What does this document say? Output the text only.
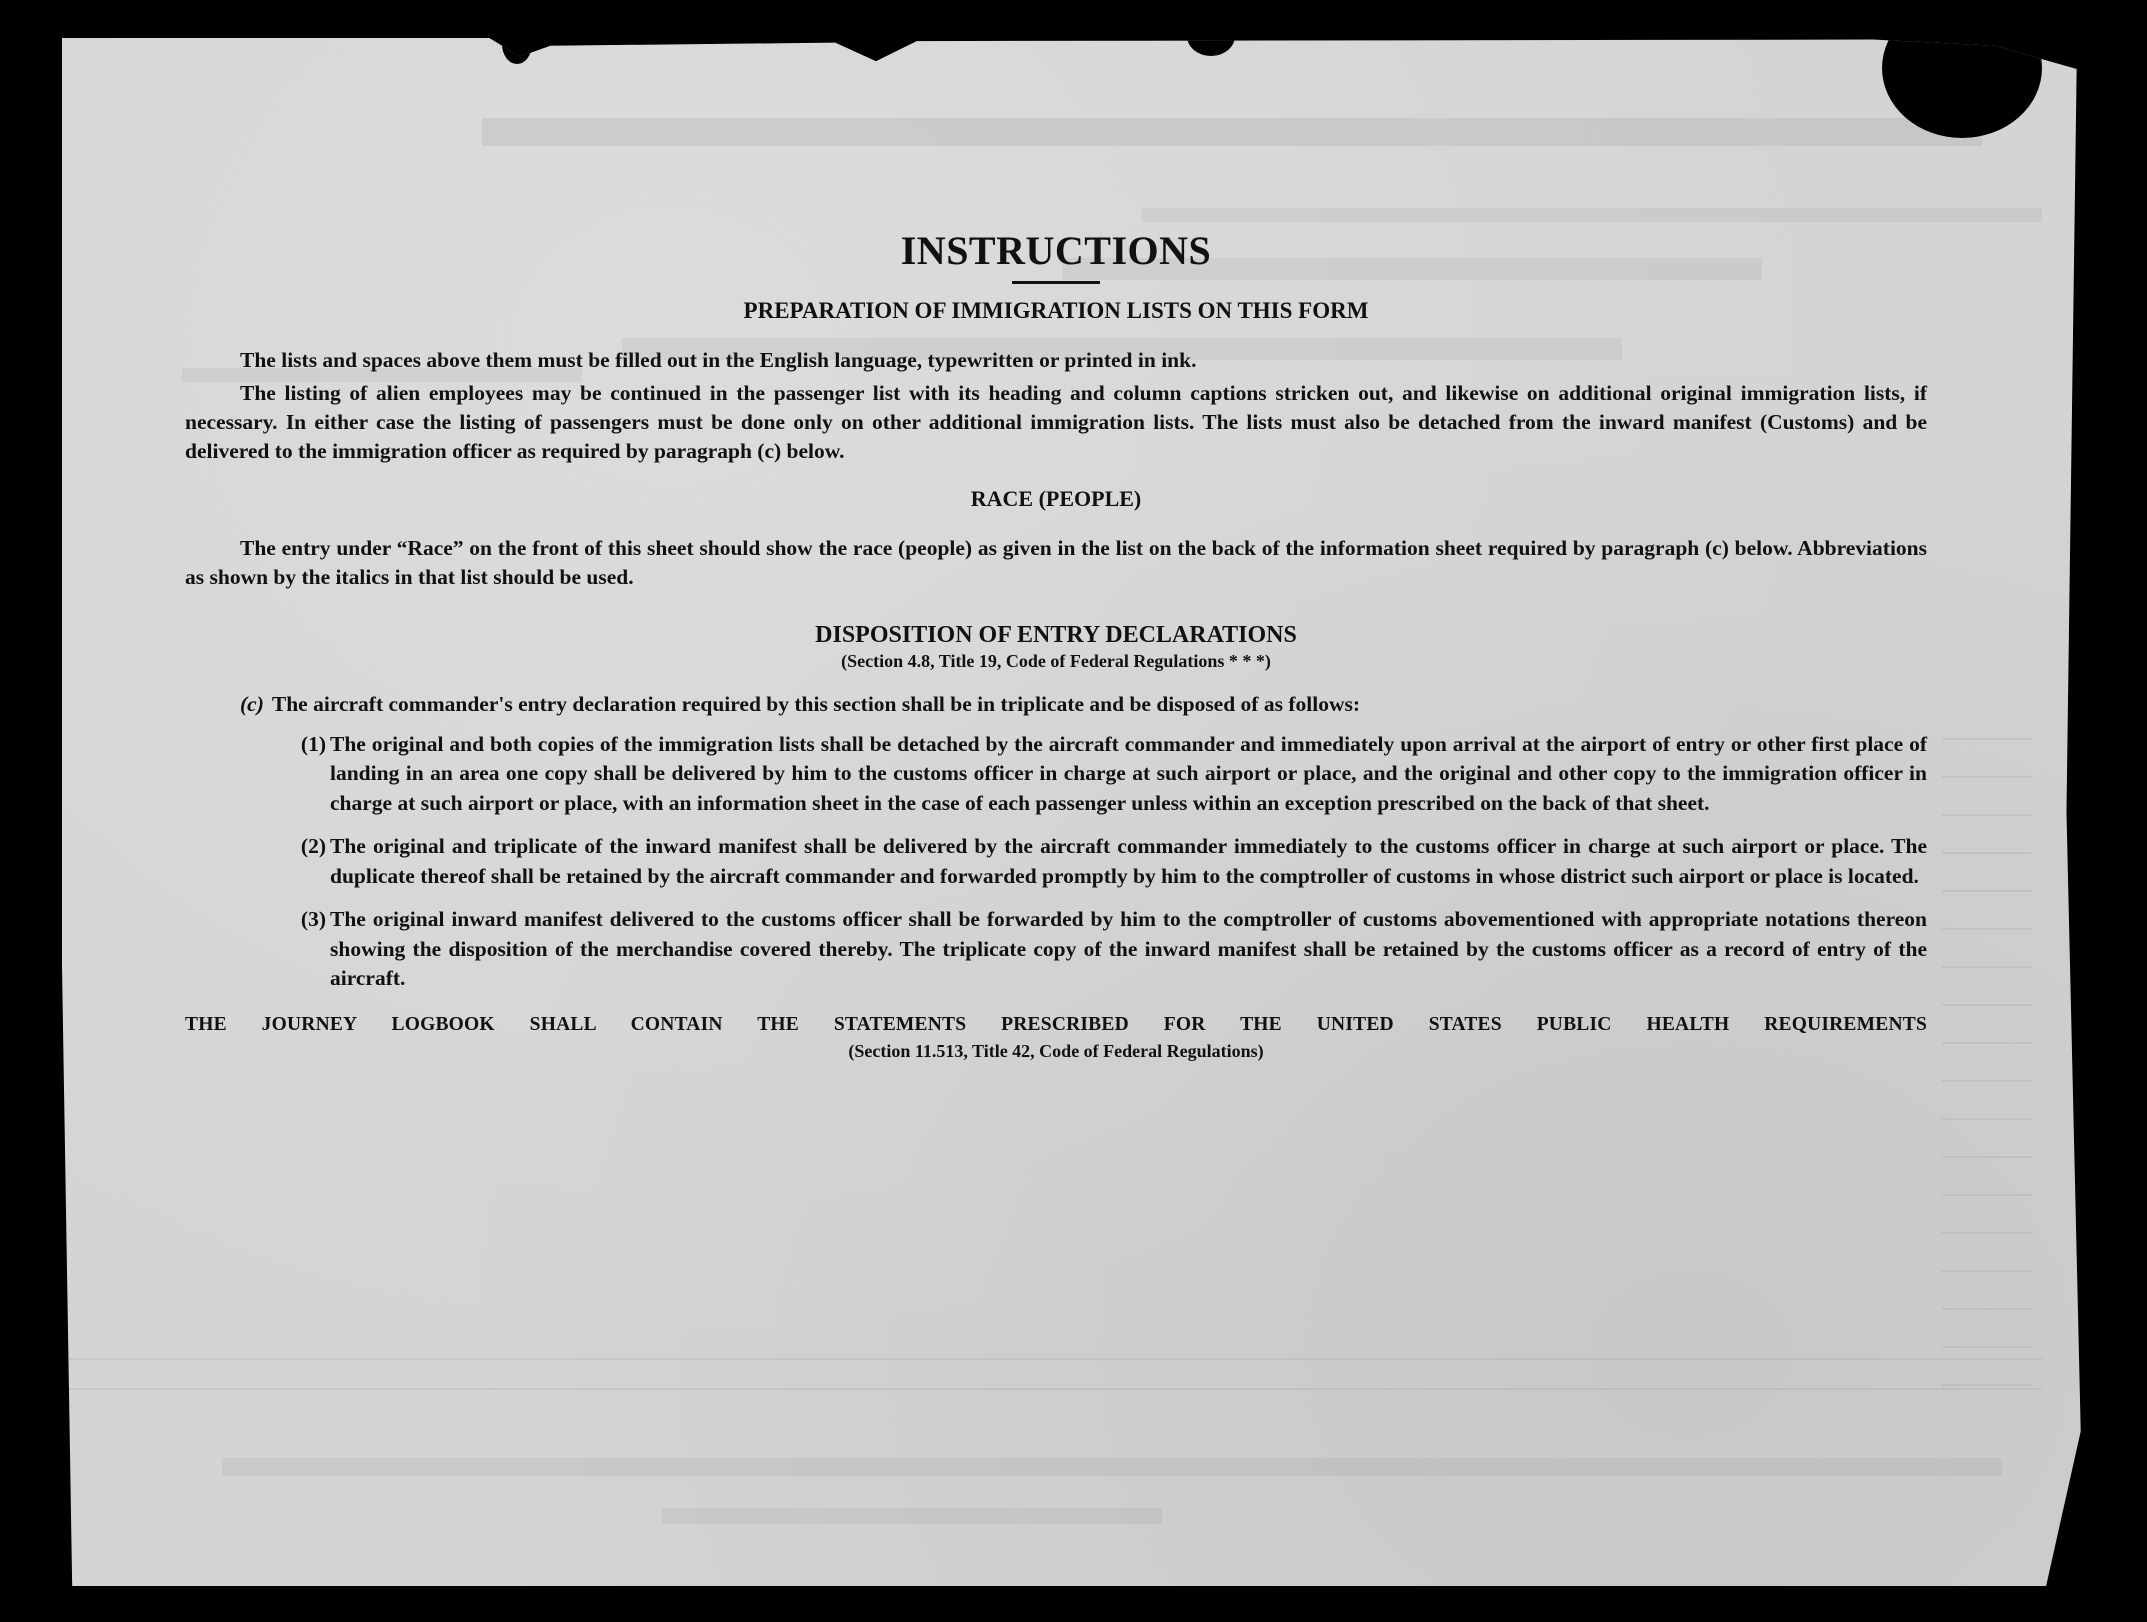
INSTRUCTIONS
PREPARATION OF IMMIGRATION LISTS ON THIS FORM

The lists and spaces above them must be filled out in the English language, typewritten or printed in ink.

The listing of alien employees may be continued in the passenger list with its heading and column captions stricken out, and likewise on additional original immigration lists, if necessary. In either case the listing of passengers must be done only on other additional immigration lists. The lists must also be detached from the inward manifest (Customs) and be delivered to the immigration officer as required by paragraph (c) below.

RACE (PEOPLE)

The entry under “Race” on the front of this sheet should show the race (people) as given in the list on the back of the information sheet required by paragraph (c) below. Abbreviations as shown by the italics in that list should be used.

DISPOSITION OF ENTRY DECLARATIONS
(Section 4.8, Title 19, Code of Federal Regulations * * *)
(c) The aircraft commander's entry declaration required by this section shall be in triplicate and be disposed of as follows:
(1) The original and both copies of the immigration lists shall be detached by the aircraft commander and immediately upon arrival at the airport of entry or other first place of landing in an area one copy shall be delivered by him to the customs officer in charge at such airport or place, and the original and other copy to the immigration officer in charge at such airport or place, with an information sheet in the case of each passenger unless within an exception prescribed on the back of that sheet.
(2) The original and triplicate of the inward manifest shall be delivered by the aircraft commander immediately to the customs officer in charge at such airport or place. The duplicate thereof shall be retained by the aircraft commander and forwarded promptly by him to the comptroller of customs in whose district such airport or place is located.
(3) The original inward manifest delivered to the customs officer shall be forwarded by him to the comptroller of customs abovementioned with appropriate notations thereon showing the disposition of the merchandise covered thereby. The triplicate copy of the inward manifest shall be retained by the customs officer as a record of entry of the aircraft.
THE JOURNEY LOGBOOK SHALL CONTAIN THE STATEMENTS PRESCRIBED FOR THE UNITED STATES PUBLIC HEALTH REQUIREMENTS
(Section 11.513, Title 42, Code of Federal Regulations)
